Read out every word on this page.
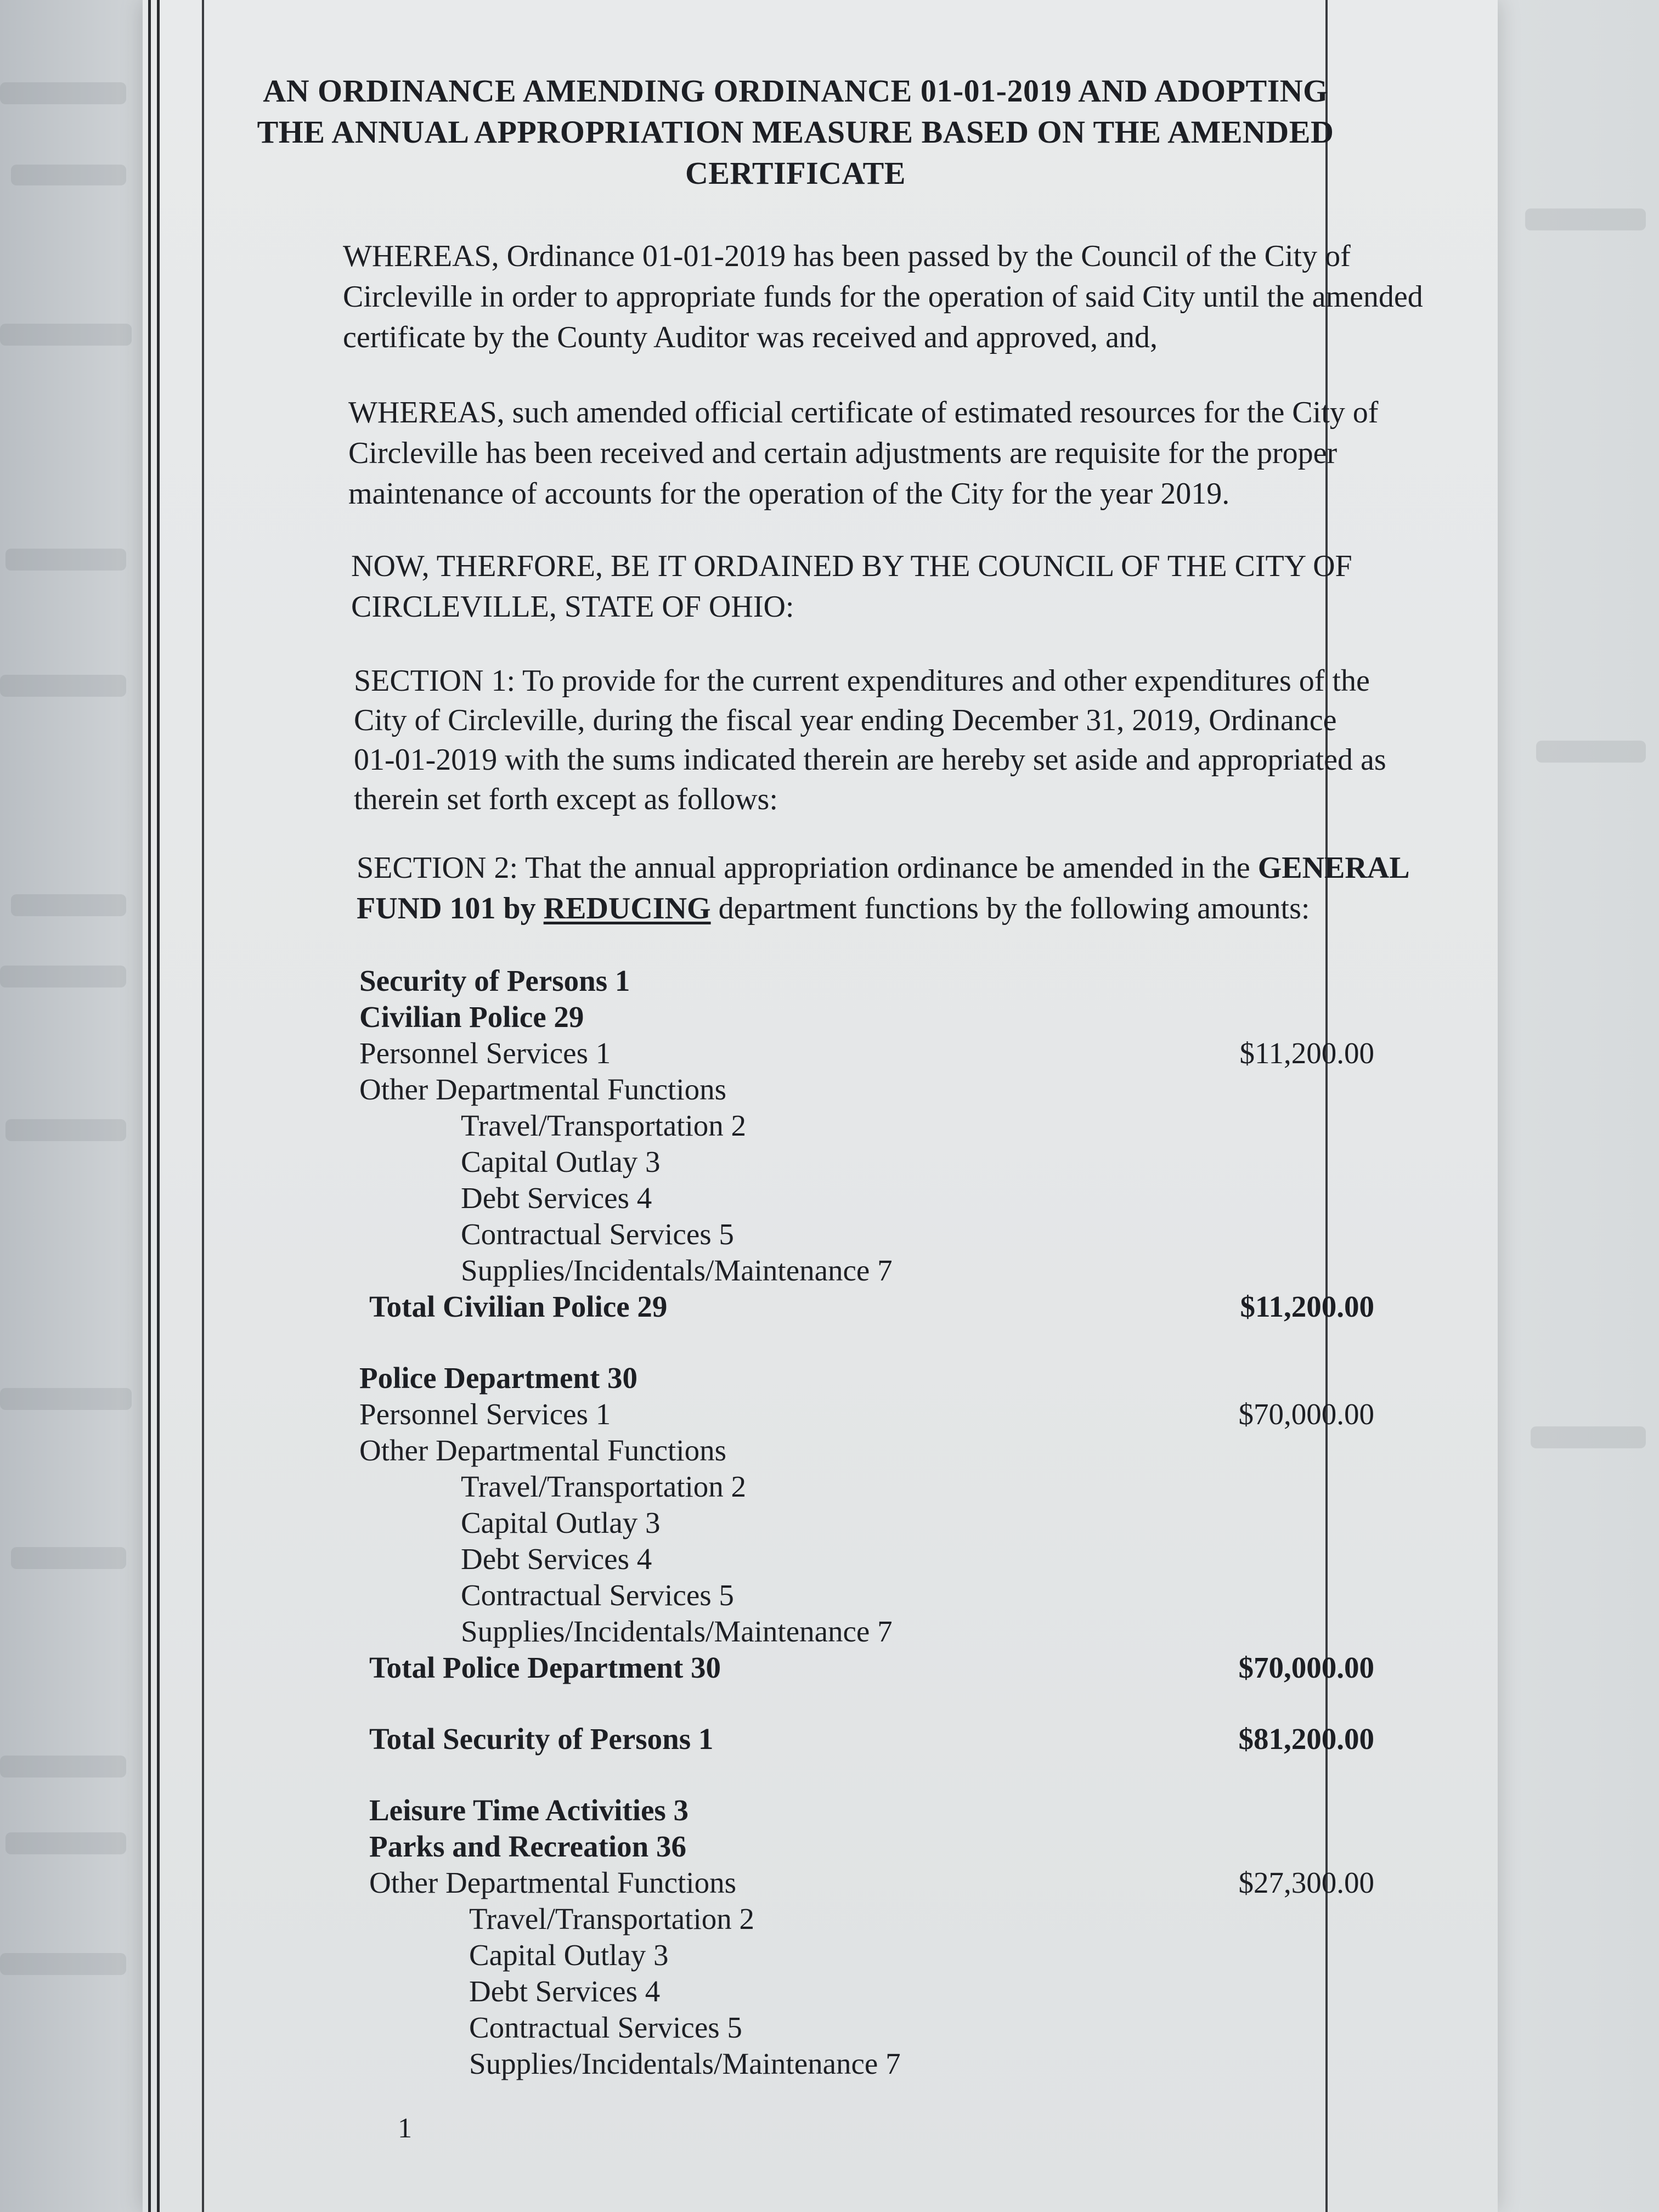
AN ORDINANCE AMENDING ORDINANCE 01-01-2019 AND ADOPTING
THE ANNUAL APPROPRIATION MEASURE BASED ON THE AMENDED
CERTIFICATE
WHEREAS, Ordinance 01-01-2019 has been passed by the Council of the City of
Circleville in order to appropriate funds for the operation of said City until the amended
certificate by the County Auditor was received and approved, and,
WHEREAS, such amended official certificate of estimated resources for the City of
Circleville has been received and certain adjustments are requisite for the proper
maintenance of accounts for the operation of the City for the year 2019.
NOW, THERFORE, BE IT ORDAINED BY THE COUNCIL OF THE CITY OF
CIRCLEVILLE, STATE OF OHIO:
SECTION 1: To provide for the current expenditures and other expenditures of the
City of Circleville, during the fiscal year ending December 31, 2019, Ordinance
01-01-2019 with the sums indicated therein are hereby set aside and appropriated as
therein set forth except as follows:
SECTION 2: That the annual appropriation ordinance be amended in the GENERAL
FUND 101 by REDUCING department functions by the following amounts:
Security of Persons 1
Civilian Police 29
Personnel Services 1	$11,200.00
Other Departmental Functions
Travel/Transportation 2
Capital Outlay 3
Debt Services 4
Contractual Services 5
Supplies/Incidentals/Maintenance 7
Total Civilian Police 29	$11,200.00
Police Department 30
Personnel Services 1	$70,000.00
Other Departmental Functions
Travel/Transportation 2
Capital Outlay 3
Debt Services 4
Contractual Services 5
Supplies/Incidentals/Maintenance 7
Total Police Department 30	$70,000.00
Total Security of Persons 1	$81,200.00
Leisure Time Activities 3
Parks and Recreation 36
Other Departmental Functions	$27,300.00
Travel/Transportation 2
Capital Outlay 3
Debt Services 4
Contractual Services 5
Supplies/Incidentals/Maintenance 7
1
